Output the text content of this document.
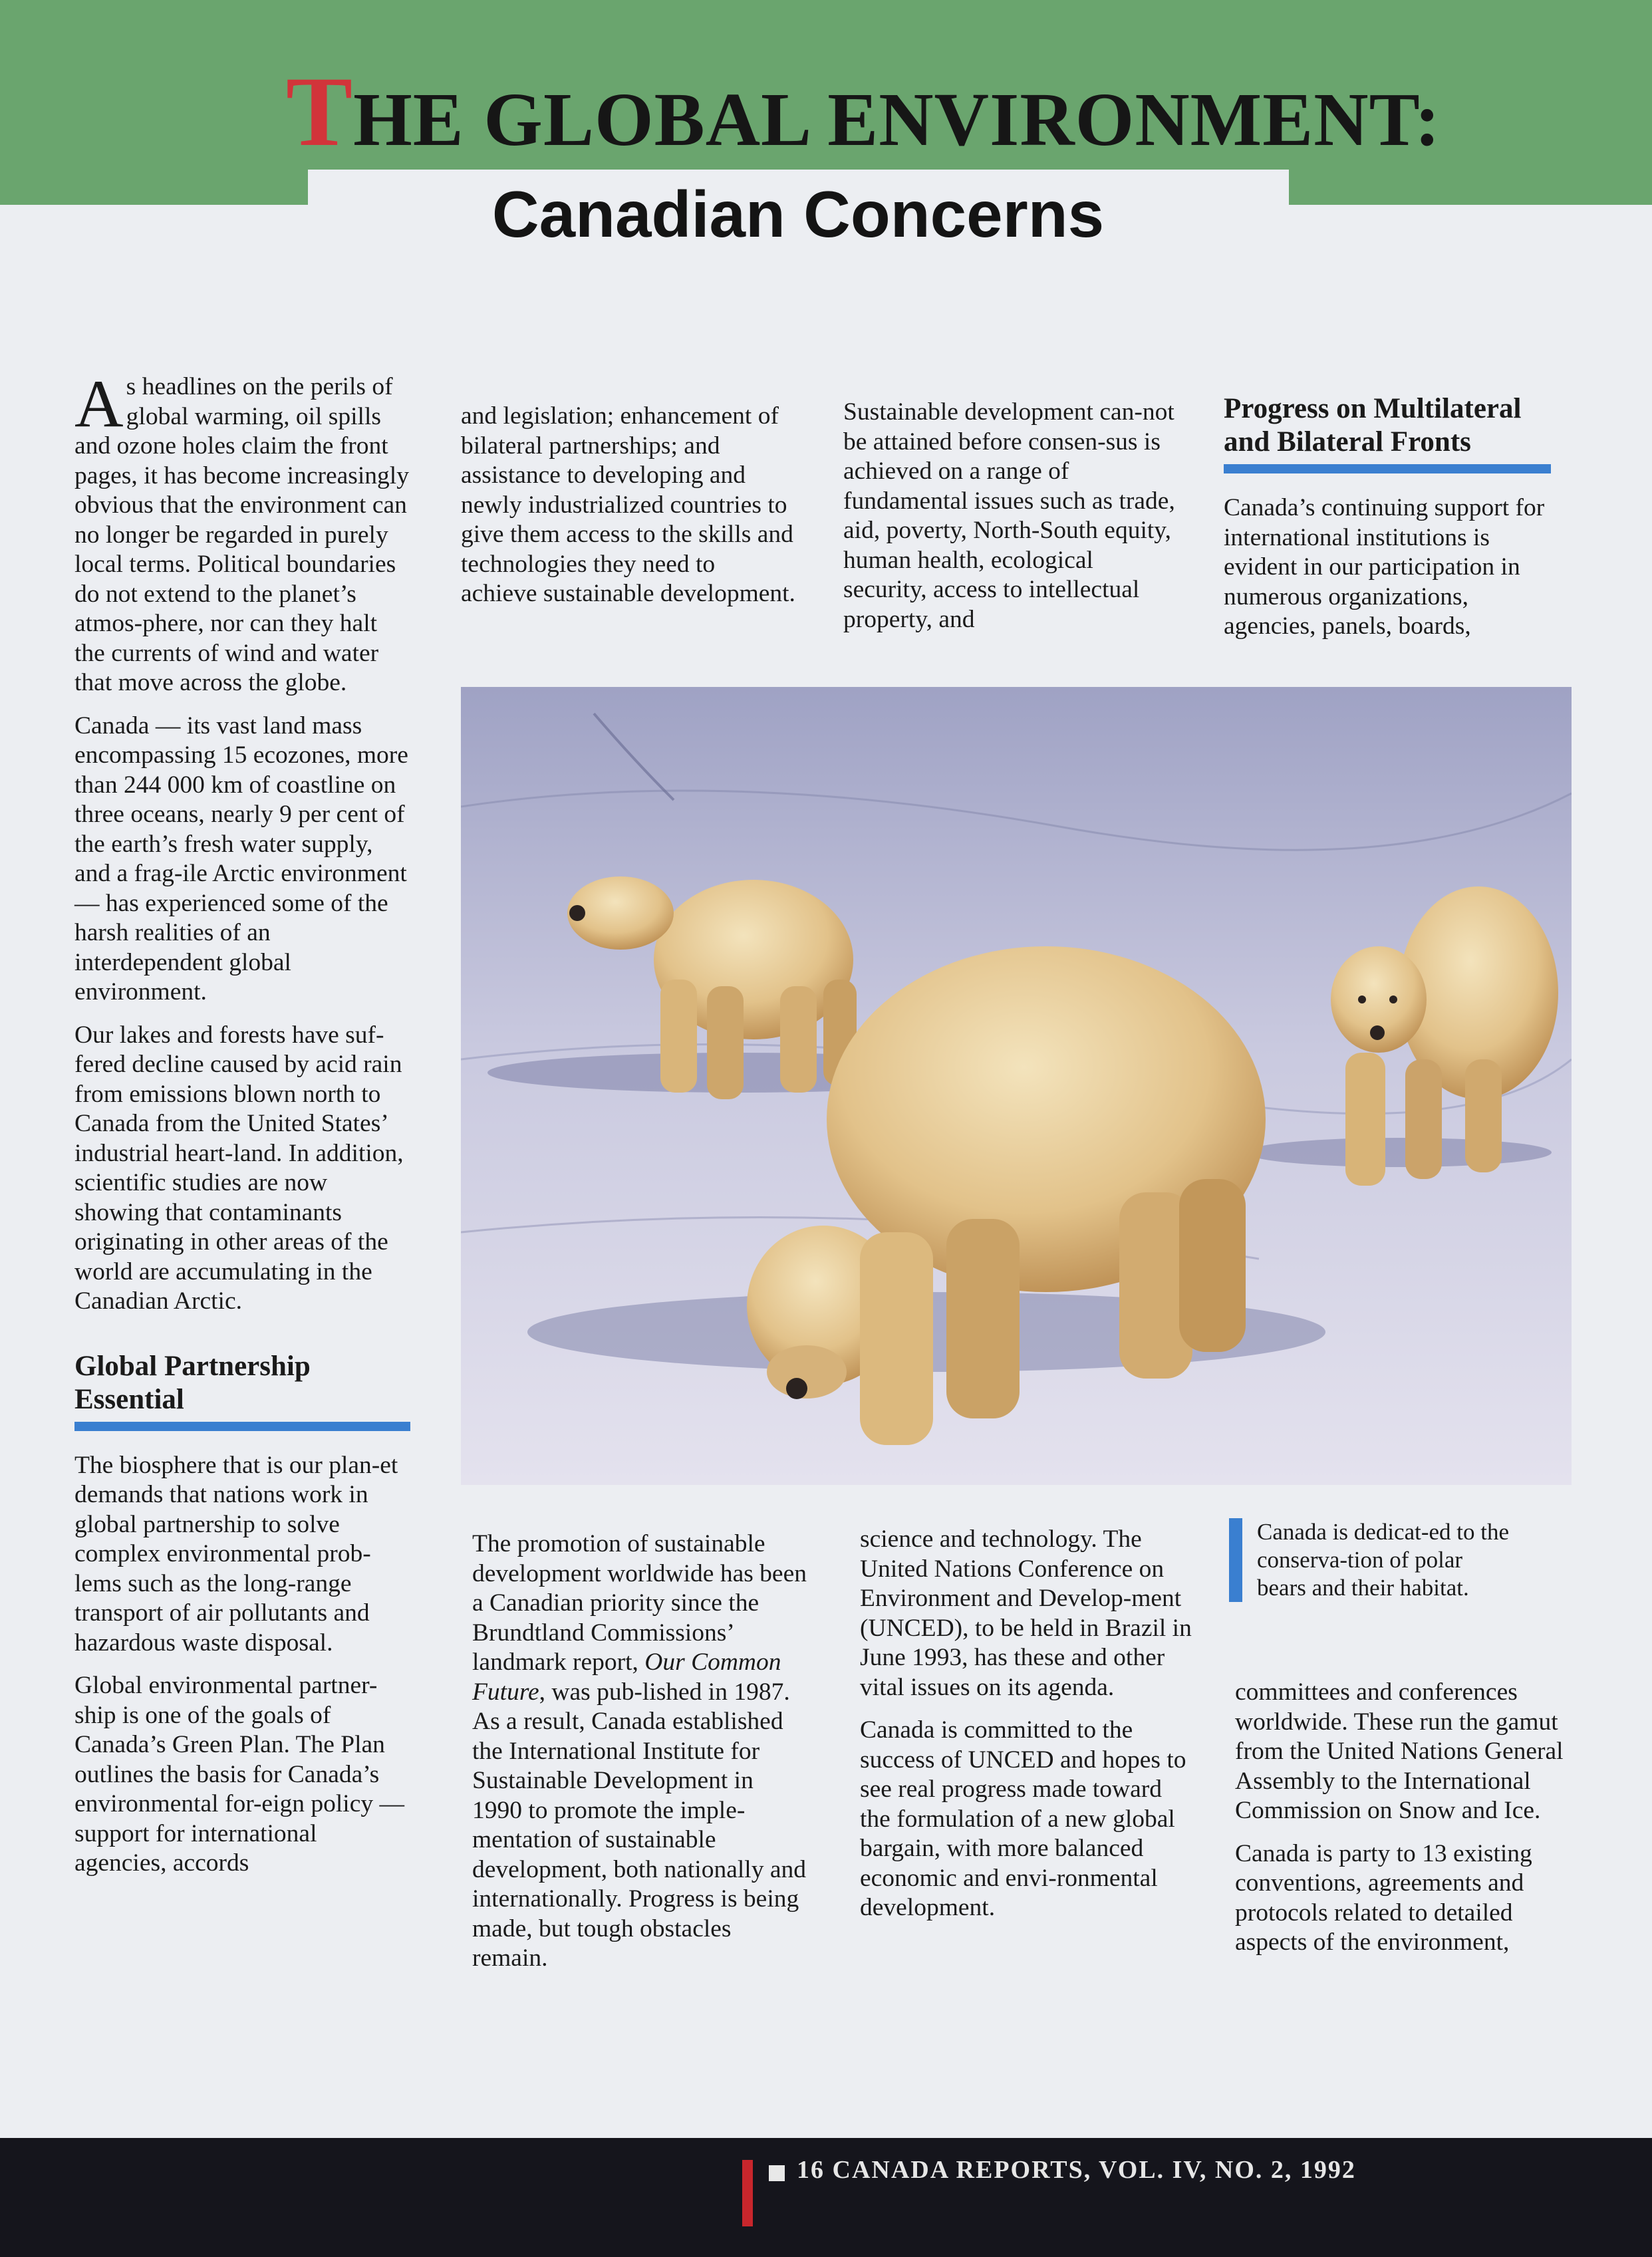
THE GLOBAL ENVIRONMENT:
Canadian Concerns

As headlines on the perils of global warming, oil spills and ozone holes claim the front pages, it has become increasingly obvious that the environment can no longer be regarded in purely local terms. Political boundaries do not extend to the planet’s atmos-phere, nor can they halt the currents of wind and water that move across the globe.

Canada — its vast land mass encompassing 15 ecozones, more than 244 000 km of coastline on three oceans, nearly 9 per cent of the earth’s fresh water supply, and a frag-ile Arctic environment — has experienced some of the harsh realities of an interdependent global environment.

Our lakes and forests have suf-fered decline caused by acid rain from emissions blown north to Canada from the United States’ industrial heart-land. In addition, scientific studies are now showing that contaminants originating in other areas of the world are accumulating in the Canadian Arctic.

Global Partnership Essential

The biosphere that is our plan-et demands that nations work in global partnership to solve complex environmental prob-lems such as the long-range transport of air pollutants and hazardous waste disposal.

Global environmental partner-ship is one of the goals of Canada’s Green Plan. The Plan outlines the basis for Canada’s environmental for-eign policy — support for international agencies, accords

and legislation; enhancement of bilateral partnerships; and assistance to developing and newly industrialized countries to give them access to the skills and technologies they need to achieve sustainable development.

Sustainable development can-not be attained before consen-sus is achieved on a range of fundamental issues such as trade, aid, poverty, North-South equity, human health, ecological security, access to intellectual property, and

Progress on Multilateral and Bilateral Fronts

Canada’s continuing support for international institutions is evident in our participation in numerous organizations, agencies, panels, boards,

The promotion of sustainable development worldwide has been a Canadian priority since the Brundtland Commissions’ landmark report, Our Common Future, was pub-lished in 1987. As a result, Canada established the International Institute for Sustainable Development in 1990 to promote the imple-mentation of sustainable development, both nationally and internationally. Progress is being made, but tough obstacles remain.

science and technology. The United Nations Conference on Environment and Develop-ment (UNCED), to be held in Brazil in June 1993, has these and other vital issues on its agenda.

Canada is committed to the success of UNCED and hopes to see real progress made toward the formulation of a new global bargain, with more balanced economic and envi-ronmental development.

Canada is dedicat-ed to the conserva-tion of polar bears and their habitat.

committees and conferences worldwide. These run the gamut from the United Nations General Assembly to the International Commission on Snow and Ice.

Canada is party to 13 existing conventions, agreements and protocols related to detailed aspects of the environment,

16 CANADA REPORTS, VOL. IV, NO. 2, 1992
